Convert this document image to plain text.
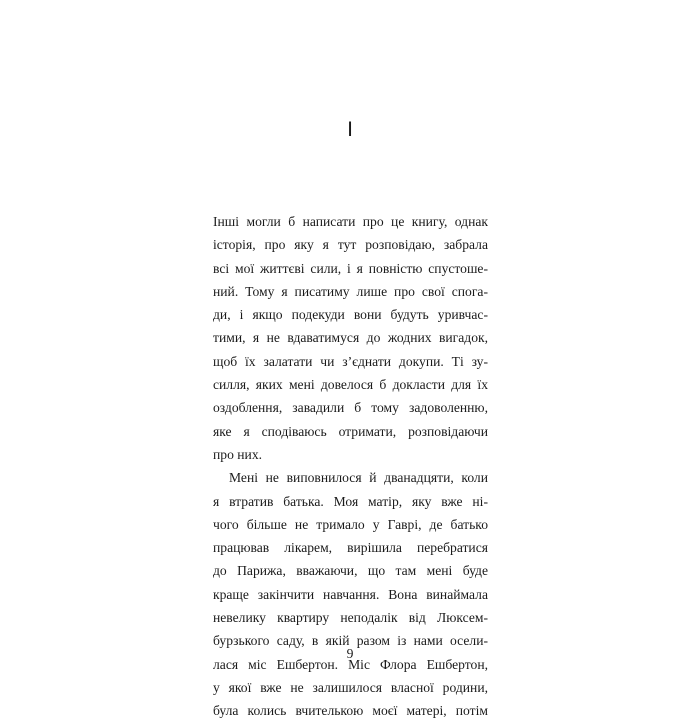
I
Інші могли б написати про це книгу, однак
історія, про яку я тут розповідаю, забрала
всі мої життєві сили, і я повністю спустоше-
ний. Тому я писатиму лише про свої спога-
ди, і якщо подекуди вони будуть уривчас-
тими, я не вдаватимуся до жодних вигадок,
щоб їх залатати чи з’єднати докупи. Ті зу-
силля, яких мені довелося б докласти для їх
оздоблення, завадили б тому задоволенню,
яке я сподіваюсь отримати, розповідаючи
про них.
Мені не виповнилося й дванадцяти, коли
я втратив батька. Моя матір, яку вже ні-
чого більше не тримало у Гаврі, де батько
працював лікарем, вирішила перебратися
до Парижа, вважаючи, що там мені буде
краще закінчити навчання. Вона винаймала
невелику квартиру неподалік від Люксем-
бурзького саду, в якій разом із нами осели-
лася міс Ешбертон. Міс Флора Ешбертон,
у якої вже не залишилося власної родини,
була колись вчителькою моєї матері, потім

9
